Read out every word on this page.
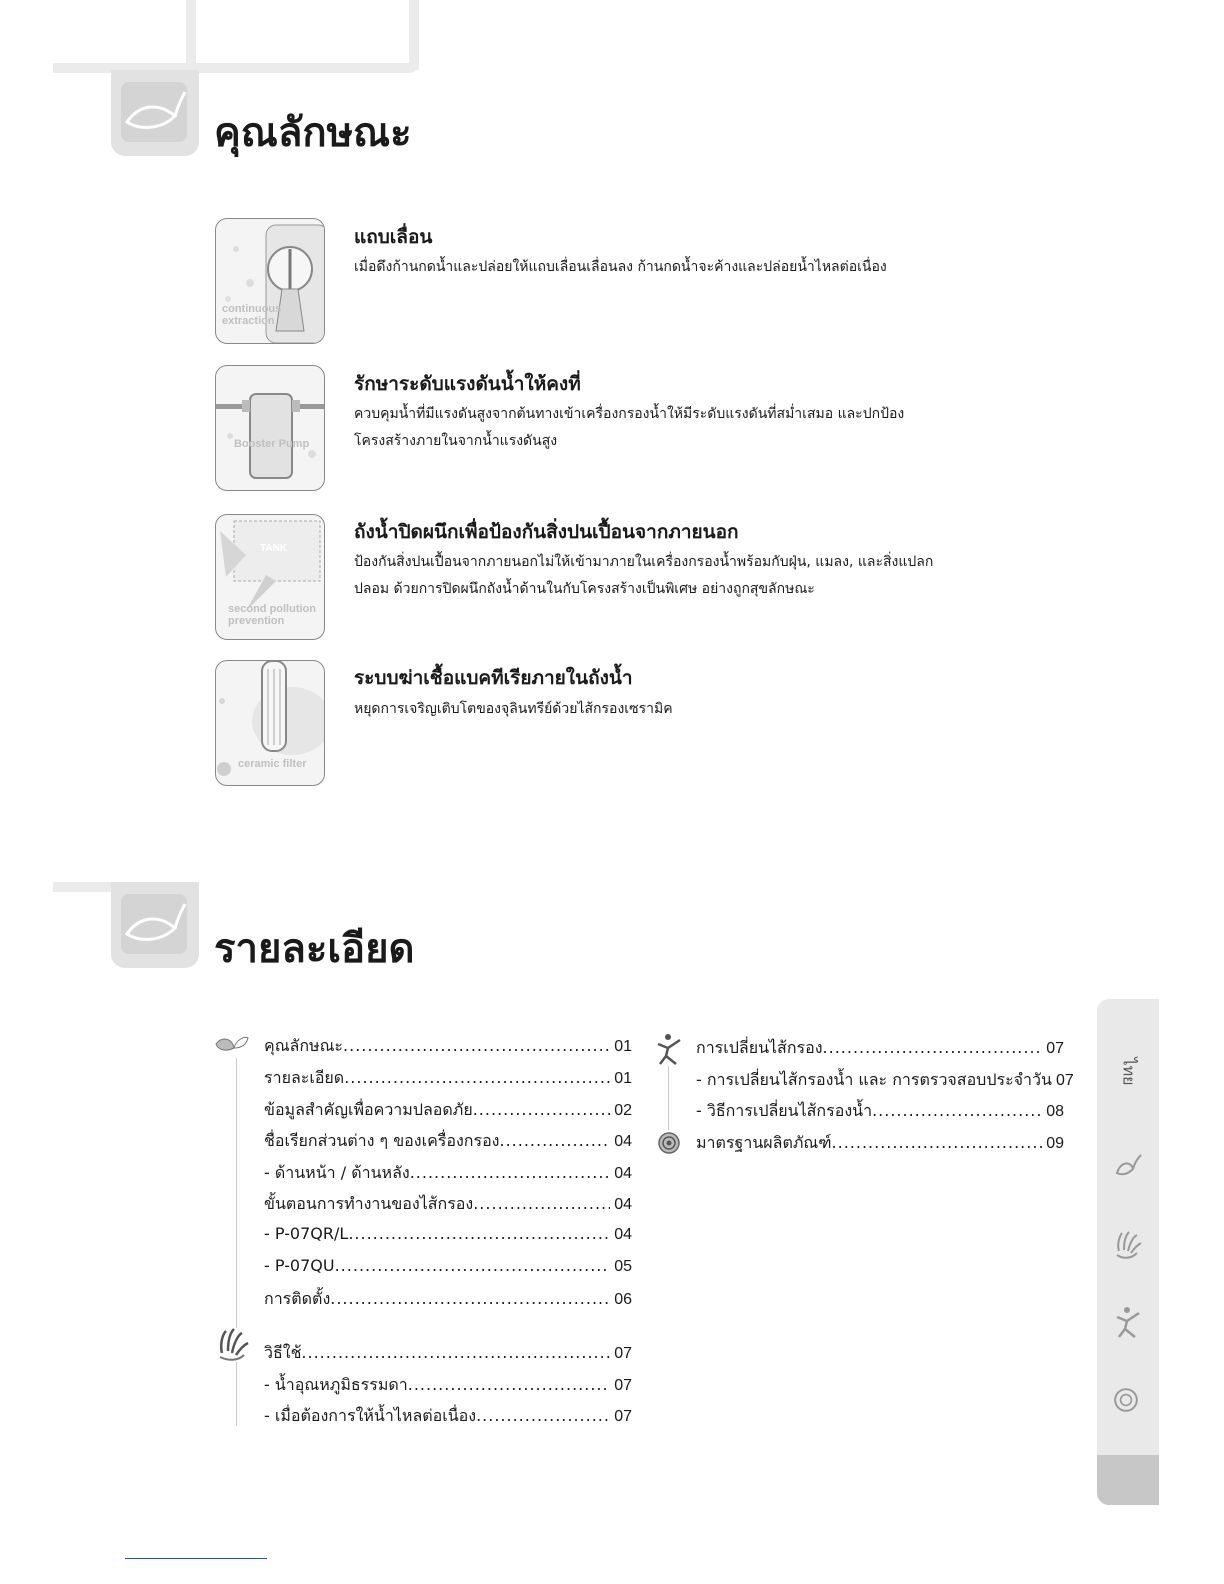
คุณลักษณะ
continuous extraction
แถบเลื่อน
เมื่อดึงก้านกดน้ำและปล่อยให้แถบเลื่อนเลื่อนลง ก้านกดน้ำจะค้างและปล่อยน้ำไหลต่อเนื่อง
Booster Pump
รักษาระดับแรงดันน้ำให้คงที่
ควบคุมน้ำที่มีแรงดันสูงจากต้นทางเข้าเครื่องกรองน้ำให้มีระดับแรงดันที่สม่ำเสมอ และปกป้องโครงสร้างภายในจากน้ำแรงดันสูง
TANK
second pollution prevention
ถังน้ำปิดผนึกเพื่อป้องกันสิ่งปนเปื้อนจากภายนอก
ป้องกันสิ่งปนเปื้อนจากภายนอกไม่ให้เข้ามาภายในเครื่องกรองน้ำพร้อมกับฝุ่น, แมลง, และสิ่งแปลกปลอม ด้วยการปิดผนึกถังน้ำด้านในกับโครงสร้างเป็นพิเศษ อย่างถูกสุขลักษณะ
ceramic filter
ระบบฆ่าเชื้อแบคทีเรียภายในถังน้ำ
หยุดการเจริญเติบโตของจุลินทรีย์ด้วยไส้กรองเซรามิค
รายละเอียด
คุณลักษณะ .....	01
รายละเอียด .....	01
ข้อมูลสำคัญเพื่อความปลอดภัย .....	02
ชื่อเรียกส่วนต่าง ๆ ของเครื่องกรอง .....	04
- ด้านหน้า / ด้านหลัง .....	04
ขั้นตอนการทำงานของไส้กรอง .....	04
- P-07QR/L .....	04
- P-07QU .....	05
การติดตั้ง .....	06
วิธีใช้ .....	07
- น้ำอุณหภูมิธรรมดา .....	07
- เมื่อต้องการให้น้ำไหลต่อเนื่อง .....	07
การเปลี่ยนไส้กรอง .....	07
- การเปลี่ยนไส้กรองน้ำ และ การตรวจสอบประจำวัน 07
- วิธีการเปลี่ยนไส้กรองน้ำ .....	08
มาตรฐานผลิตภัณฑ์ .....	09
ไทย
